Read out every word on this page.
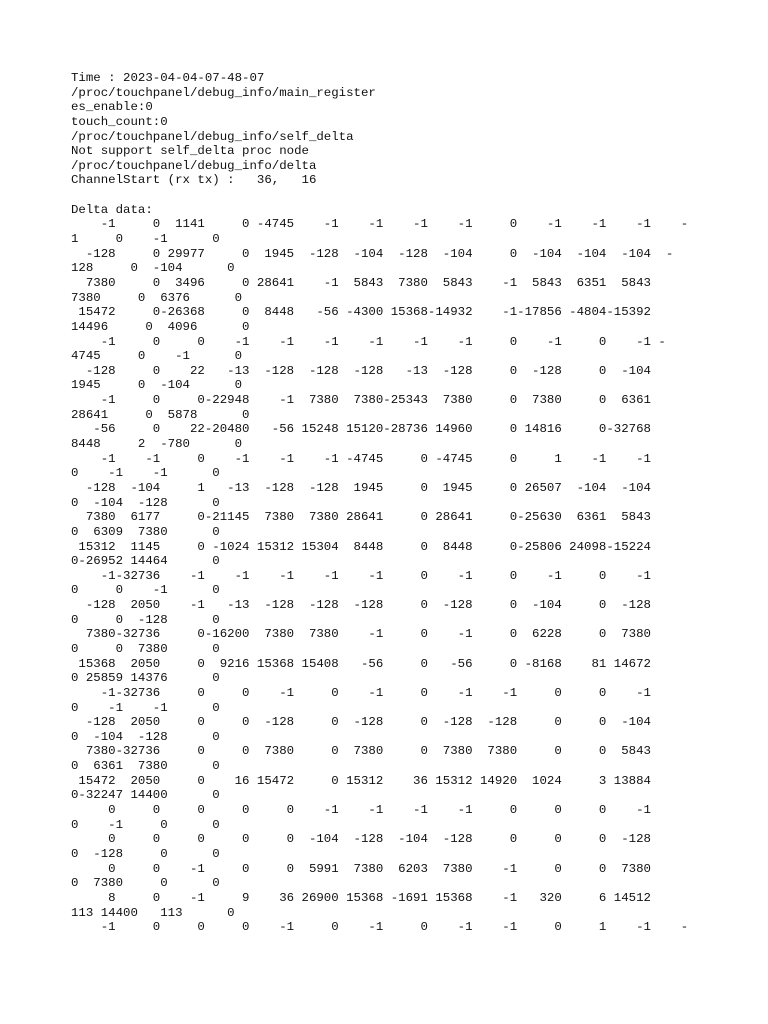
Time : 2023-04-04-07-48-07
/proc/touchpanel/debug_info/main_register
es_enable:0
touch_count:0
/proc/touchpanel/debug_info/self_delta
Not support self_delta proc node
/proc/touchpanel/debug_info/delta
ChannelStart (rx tx) :   36,   16
Delta data:
-1     0  1141     0 -4745    -1    -1    -1    -1     0    -1    -1    -1    -
1     0    -1      0
-128     0 29977     0  1945  -128  -104  -128  -104     0  -104  -104  -104  -
128     0  -104      0
7380     0  3496     0 28641    -1  5843  7380  5843    -1  5843  6351  5843
7380     0  6376      0
15472     0-26368     0  8448   -56 -4300 15368-14932    -1-17856 -4804-15392
14496     0  4096      0
-1     0     0    -1    -1    -1    -1    -1    -1     0    -1     0    -1 -
4745     0    -1      0
-128     0    22   -13  -128  -128  -128   -13  -128     0  -128     0  -104
1945     0  -104      0
-1     0     0-22948    -1  7380  7380-25343  7380     0  7380     0  6361
28641     0  5878      0
-56     0    22-20480   -56 15248 15120-28736 14960     0 14816     0-32768
8448     2  -780      0
-1    -1     0    -1    -1    -1 -4745     0 -4745     0     1    -1    -1
0    -1    -1      0
-128  -104     1   -13  -128  -128  1945     0  1945     0 26507  -104  -104
0  -104  -128      0
7380  6177     0-21145  7380  7380 28641     0 28641     0-25630  6361  5843
0  6309  7380      0
15312  1145     0 -1024 15312 15304  8448     0  8448     0-25806 24098-15224
0-26952 14464      0
-1-32736    -1    -1    -1    -1    -1     0    -1     0    -1     0    -1
0     0    -1      0
-128  2050    -1   -13  -128  -128  -128     0  -128     0  -104     0  -128
0     0  -128      0
7380-32736     0-16200  7380  7380    -1     0    -1     0  6228     0  7380
0     0  7380      0
15368  2050     0  9216 15368 15408   -56     0   -56     0 -8168    81 14672
0 25859 14376      0
-1-32736     0     0    -1     0    -1     0    -1    -1     0     0    -1
0    -1    -1      0
-128  2050     0     0  -128     0  -128     0  -128  -128     0     0  -104
0  -104  -128      0
7380-32736     0     0  7380     0  7380     0  7380  7380     0     0  5843
0  6361  7380      0
15472  2050     0    16 15472     0 15312    36 15312 14920  1024     3 13884
0-32247 14400      0
0     0     0     0     0    -1    -1    -1    -1     0     0     0    -1
0    -1     0      0
0     0     0     0     0  -104  -128  -104  -128     0     0     0  -128
0  -128     0      0
0     0    -1     0     0  5991  7380  6203  7380    -1     0     0  7380
0  7380     0      0
8     0    -1     9    36 26900 15368 -1691 15368    -1   320     6 14512
113 14400   113      0
-1     0     0     0    -1     0    -1     0    -1    -1     0     1    -1    -
